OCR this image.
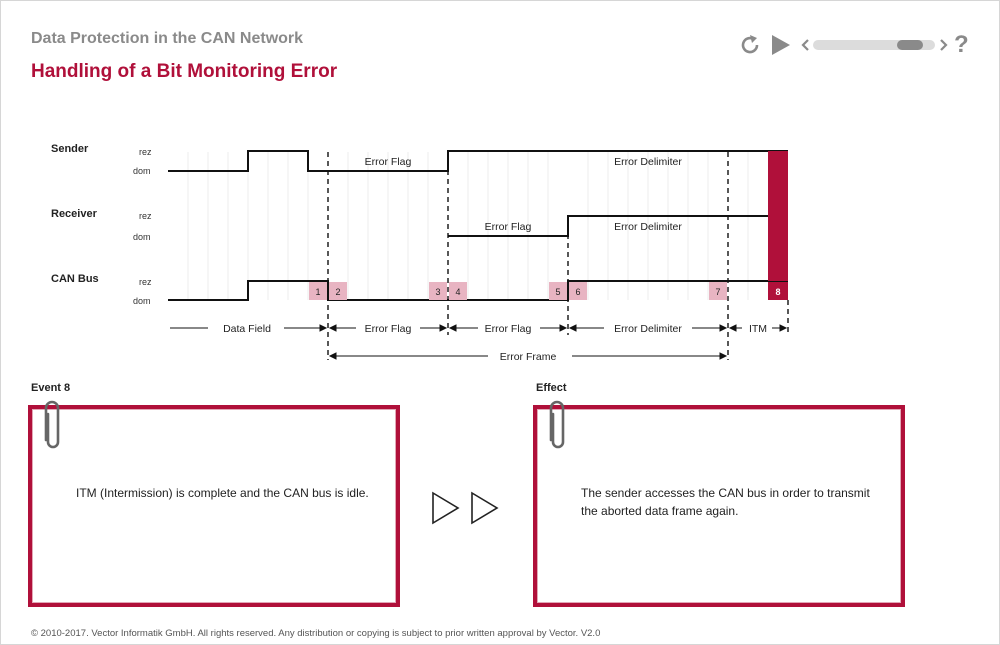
Data Protection in the CAN Network
Handling of a Bit Monitoring Error
?
Sender	rez
dom
Receiver	rez
dom
CAN Bus	rez
dom
Error Flag	Error Delimiter
Error Flag	Error Delimiter
1 2	3 4	5 6	7	8
Data Field	Error Flag	Error Flag	Error Delimiter	ITM
Error Frame
Event 8
ITM (Intermission) is complete and the CAN bus is idle.
Effect
The sender accesses the CAN bus in order to transmit
the aborted data frame again.
© 2010-2017. Vector Informatik GmbH. All rights reserved. Any distribution or copying is subject to prior written approval by Vector. V2.0
